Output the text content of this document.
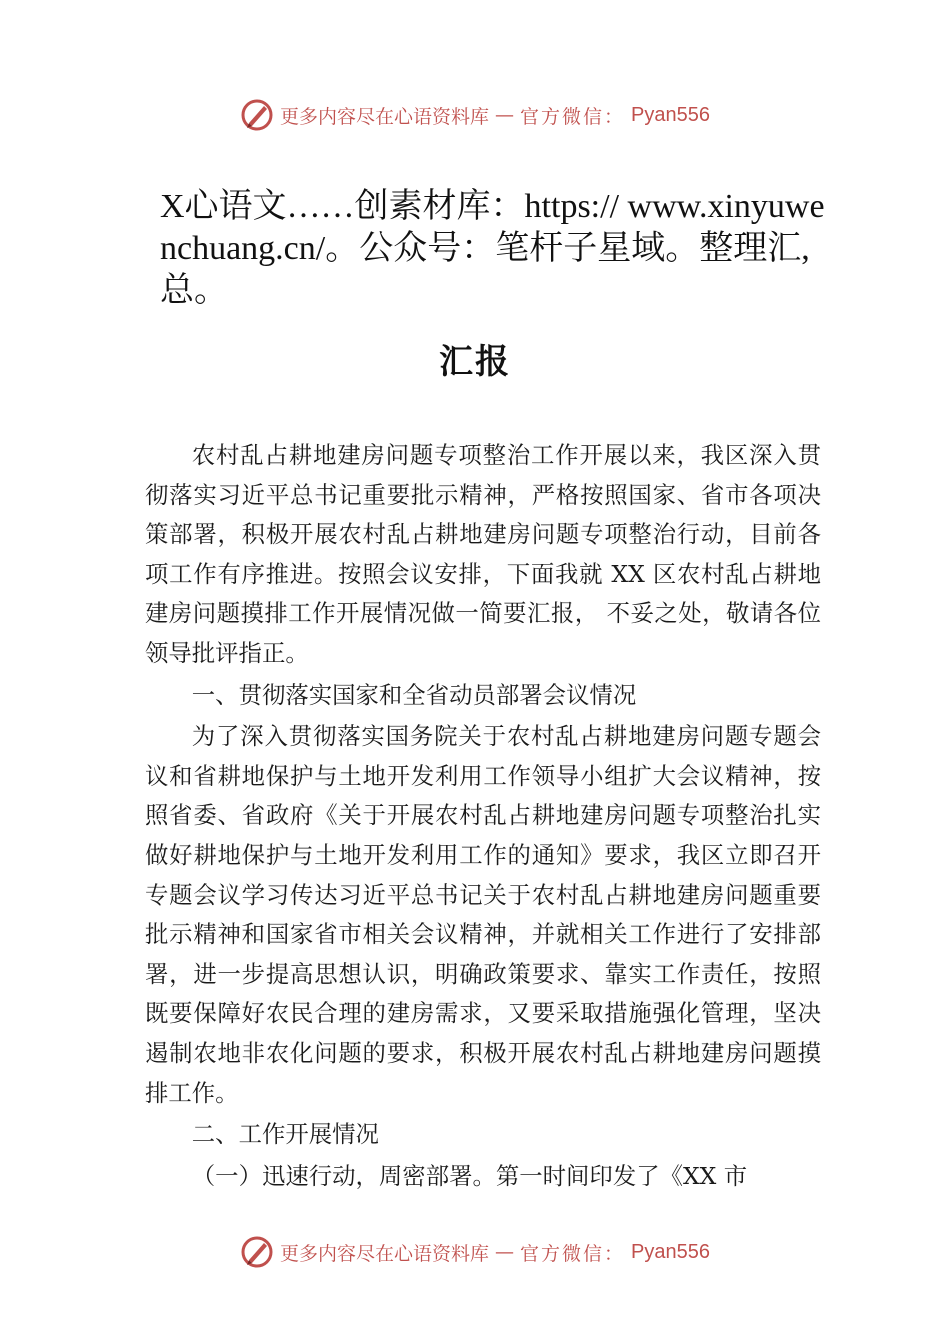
更多内容尽在心语资料库 — 官方微信： Pyan556

X心语文……创素材库：https:// www.xinyuwenchuang.cn/。公众号：笔杆子星域。整理汇,总。

汇报

农村乱占耕地建房问题专项整治工作开展以来，我区深入贯彻落实习近平总书记重要批示精神，严格按照国家、省市各项决策部署，积极开展农村乱占耕地建房问题专项整治行动，目前各项工作有序推进。按照会议安排，下面我就 XX 区农村乱占耕地建房问题摸排工作开展情况做一简要汇报， 不妥之处，敬请各位领导批评指正。

一、贯彻落实国家和全省动员部署会议情况

为了深入贯彻落实国务院关于农村乱占耕地建房问题专题会议和省耕地保护与土地开发利用工作领导小组扩大会议精神，按照省委、省政府《关于开展农村乱占耕地建房问题专项整治扎实做好耕地保护与土地开发利用工作的通知》要求，我区立即召开专题会议学习传达习近平总书记关于农村乱占耕地建房问题重要批示精神和国家省市相关会议精神，并就相关工作进行了安排部署，进一步提高思想认识，明确政策要求、靠实工作责任，按照既要保障好农民合理的建房需求，又要采取措施强化管理，坚决遏制农地非农化问题的要求，积极开展农村乱占耕地建房问题摸排工作。

二、工作开展情况

（一）迅速行动，周密部署。第一时间印发了《XX 市

更多内容尽在心语资料库 — 官方微信： Pyan556
